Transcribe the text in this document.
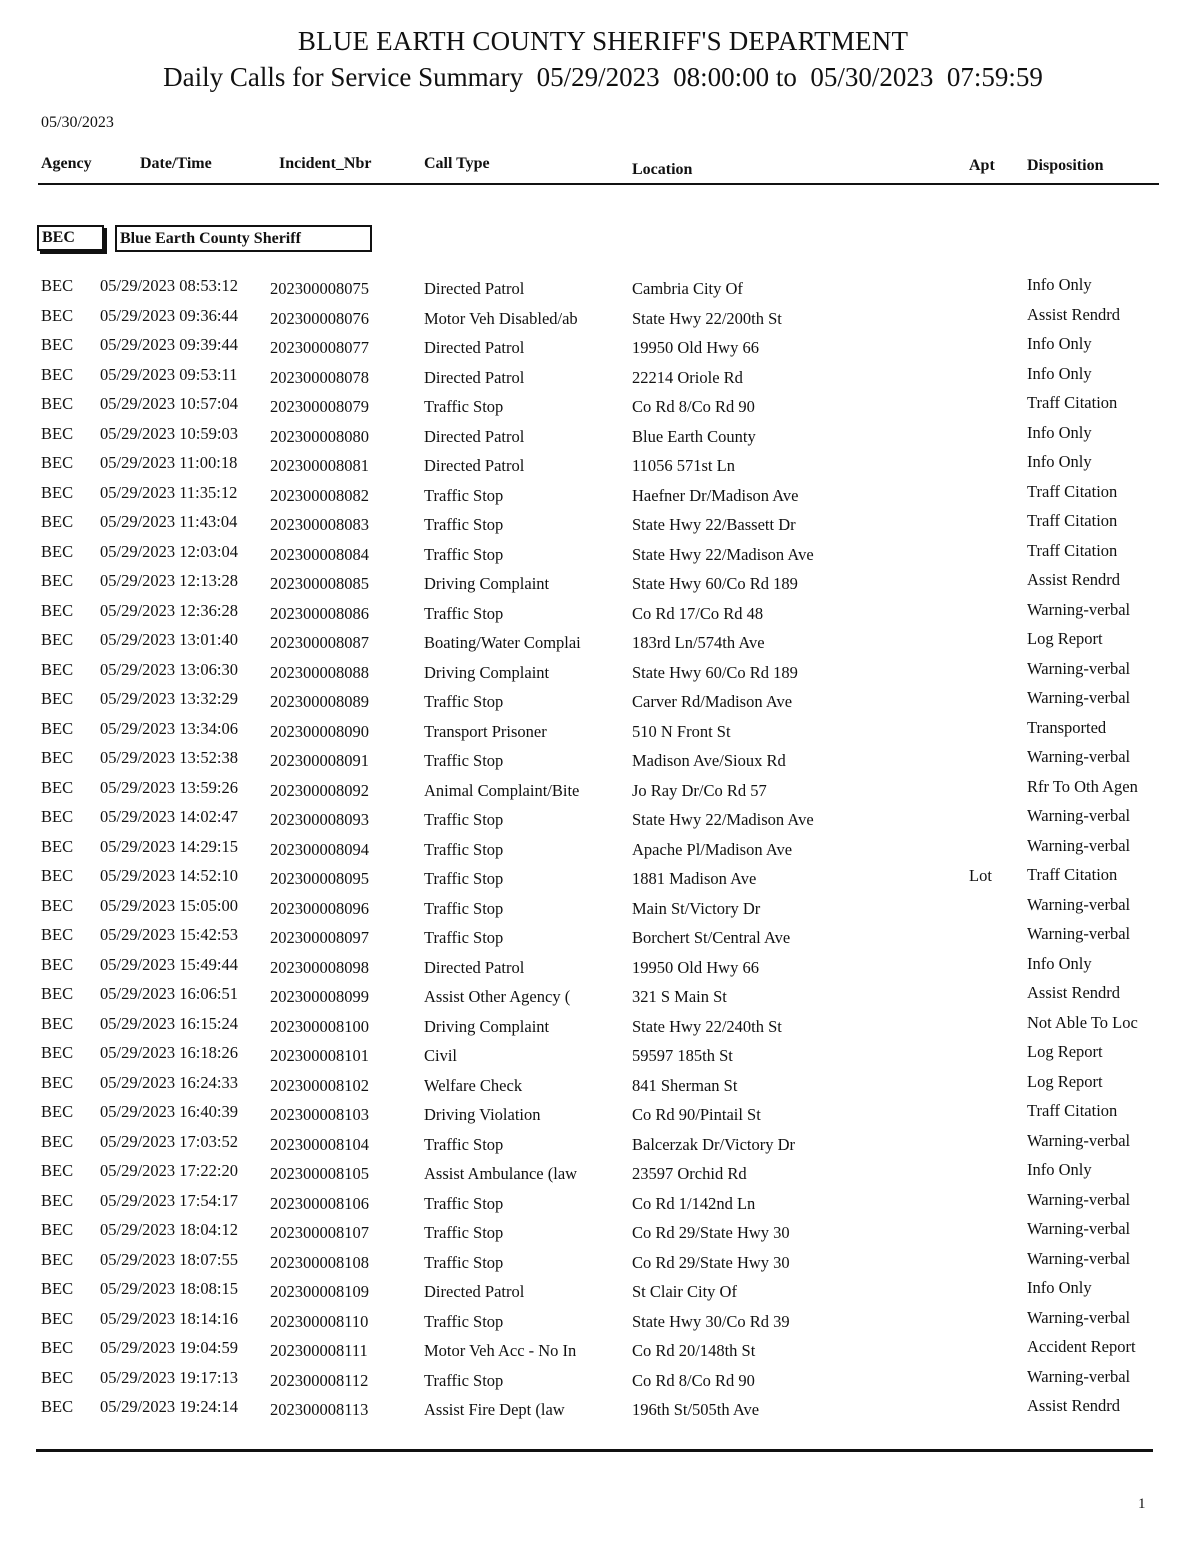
BLUE EARTH COUNTY SHERIFF'S DEPARTMENT
Daily Calls for Service Summary  05/29/2023  08:00:00 to  05/30/2023  07:59:59
05/30/2023
Agency	Date/Time	Incident_Nbr	Call Type	Location	Apt Disposition
BEC	Blue Earth County Sheriff
BEC 05/29/2023 08:53:12 202300008075	Directed Patrol	Cambria City Of	Info Only
BEC 05/29/2023 09:36:44 202300008076	Motor Veh Disabled/ab	State Hwy 22/200th St	Assist Rendrd
BEC 05/29/2023 09:39:44 202300008077	Directed Patrol	19950 Old Hwy 66	Info Only
BEC 05/29/2023 09:53:11 202300008078	Directed Patrol	22214 Oriole Rd	Info Only
BEC 05/29/2023 10:57:04 202300008079	Traffic Stop	Co Rd 8/Co Rd 90	Traff Citation
BEC 05/29/2023 10:59:03 202300008080	Directed Patrol	Blue Earth County	Info Only
BEC 05/29/2023 11:00:18 202300008081	Directed Patrol	11056 571st Ln	Info Only
BEC 05/29/2023 11:35:12 202300008082	Traffic Stop	Haefner Dr/Madison Ave	Traff Citation
BEC 05/29/2023 11:43:04 202300008083	Traffic Stop	State Hwy 22/Bassett Dr	Traff Citation
BEC 05/29/2023 12:03:04 202300008084	Traffic Stop	State Hwy 22/Madison Ave	Traff Citation
BEC 05/29/2023 12:13:28 202300008085	Driving Complaint	State Hwy 60/Co Rd 189	Assist Rendrd
BEC 05/29/2023 12:36:28 202300008086	Traffic Stop	Co Rd 17/Co Rd 48	Warning-verbal
BEC 05/29/2023 13:01:40 202300008087	Boating/Water Complai	183rd Ln/574th Ave	Log Report
BEC 05/29/2023 13:06:30 202300008088	Driving Complaint	State Hwy 60/Co Rd 189	Warning-verbal
BEC 05/29/2023 13:32:29 202300008089	Traffic Stop	Carver Rd/Madison Ave	Warning-verbal
BEC 05/29/2023 13:34:06 202300008090	Transport Prisoner	510 N Front St	Transported
BEC 05/29/2023 13:52:38 202300008091	Traffic Stop	Madison Ave/Sioux Rd	Warning-verbal
BEC 05/29/2023 13:59:26 202300008092	Animal Complaint/Bite	Jo Ray Dr/Co Rd 57	Rfr To Oth Agen
BEC 05/29/2023 14:02:47 202300008093	Traffic Stop	State Hwy 22/Madison Ave	Warning-verbal
BEC 05/29/2023 14:29:15 202300008094	Traffic Stop	Apache Pl/Madison Ave	Warning-verbal
BEC 05/29/2023 14:52:10 202300008095	Traffic Stop	1881 Madison Ave	Lot Traff Citation
BEC 05/29/2023 15:05:00 202300008096	Traffic Stop	Main St/Victory Dr	Warning-verbal
BEC 05/29/2023 15:42:53 202300008097	Traffic Stop	Borchert St/Central Ave	Warning-verbal
BEC 05/29/2023 15:49:44 202300008098	Directed Patrol	19950 Old Hwy 66	Info Only
BEC 05/29/2023 16:06:51 202300008099	Assist Other Agency (	321 S Main St	Assist Rendrd
BEC 05/29/2023 16:15:24 202300008100	Driving Complaint	State Hwy 22/240th St	Not Able To Loc
BEC 05/29/2023 16:18:26 202300008101	Civil	59597 185th St	Log Report
BEC 05/29/2023 16:24:33 202300008102	Welfare Check	841 Sherman St	Log Report
BEC 05/29/2023 16:40:39 202300008103	Driving Violation	Co Rd 90/Pintail St	Traff Citation
BEC 05/29/2023 17:03:52 202300008104	Traffic Stop	Balcerzak Dr/Victory Dr	Warning-verbal
BEC 05/29/2023 17:22:20 202300008105	Assist Ambulance (law	23597 Orchid Rd	Info Only
BEC 05/29/2023 17:54:17 202300008106	Traffic Stop	Co Rd 1/142nd Ln	Warning-verbal
BEC 05/29/2023 18:04:12 202300008107	Traffic Stop	Co Rd 29/State Hwy 30	Warning-verbal
BEC 05/29/2023 18:07:55 202300008108	Traffic Stop	Co Rd 29/State Hwy 30	Warning-verbal
BEC 05/29/2023 18:08:15 202300008109	Directed Patrol	St Clair City Of	Info Only
BEC 05/29/2023 18:14:16 202300008110	Traffic Stop	State Hwy 30/Co Rd 39	Warning-verbal
BEC 05/29/2023 19:04:59 202300008111	Motor Veh Acc - No In	Co Rd 20/148th St	Accident Report
BEC 05/29/2023 19:17:13 202300008112	Traffic Stop	Co Rd 8/Co Rd 90	Warning-verbal
BEC 05/29/2023 19:24:14 202300008113	Assist Fire Dept (law	196th St/505th Ave	Assist Rendrd
1
